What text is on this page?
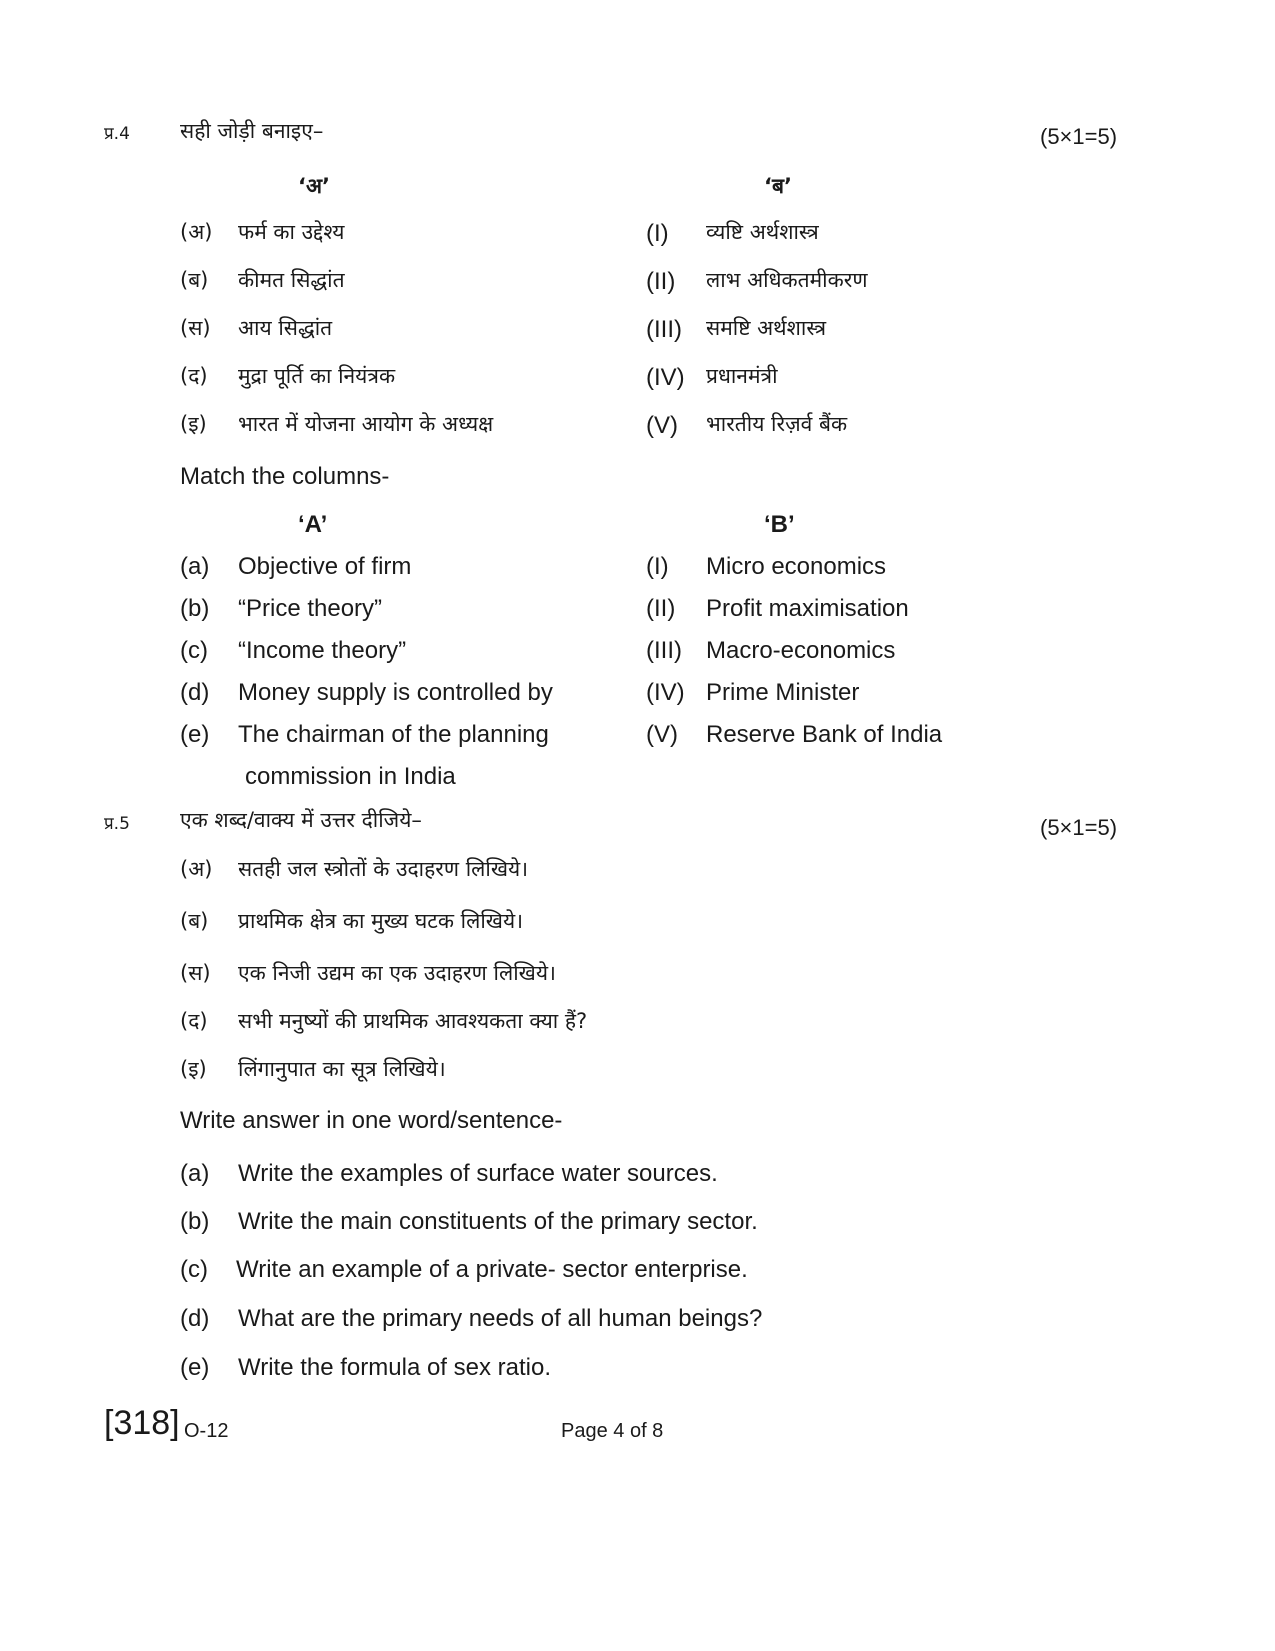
प्र.4 सही जोड़ी बनाइए–	(5×1=5)
‘अ’	‘ब’
(अ) फर्म का उद्देश्य	(I) व्यष्टि अर्थशास्त्र
(ब) कीमत सिद्धांत	(II) लाभ अधिकतमीकरण
(स) आय सिद्धांत	(III) समष्टि अर्थशास्त्र
(द) मुद्रा पूर्ति का नियंत्रक	(IV) प्रधानमंत्री
(इ) भारत में योजना आयोग के अध्यक्ष	(V) भारतीय रिज़र्व बैंक
Match the columns-
‘A’	‘B’
(a) Objective of firm	(I) Micro economics
(b) “Price theory”	(II) Profit maximisation
(c) “Income theory”	(III) Macro-economics
(d) Money supply is controlled by	(IV) Prime Minister
(e) The chairman of the planning	(V) Reserve Bank of India
commission in India
प्र.5 एक शब्द/वाक्य में उत्तर दीजिये–	(5×1=5)
(अ) सतही जल स्त्रोतों के उदाहरण लिखिये।
(ब) प्राथमिक क्षेत्र का मुख्य घटक लिखिये।
(स) एक निजी उद्यम का एक उदाहरण लिखिये।
(द) सभी मनुष्यों की प्राथमिक आवश्यकता क्या हैं?
(इ) लिंगानुपात का सूत्र लिखिये।
Write answer in one word/sentence-
(a) Write the examples of surface water sources.
(b) Write the main constituents of the primary sector.
(c) Write an example of a private- sector enterprise.
(d) What are the primary needs of all human beings?
(e) Write the formula of sex ratio.
[318] O-12	Page 4 of 8
